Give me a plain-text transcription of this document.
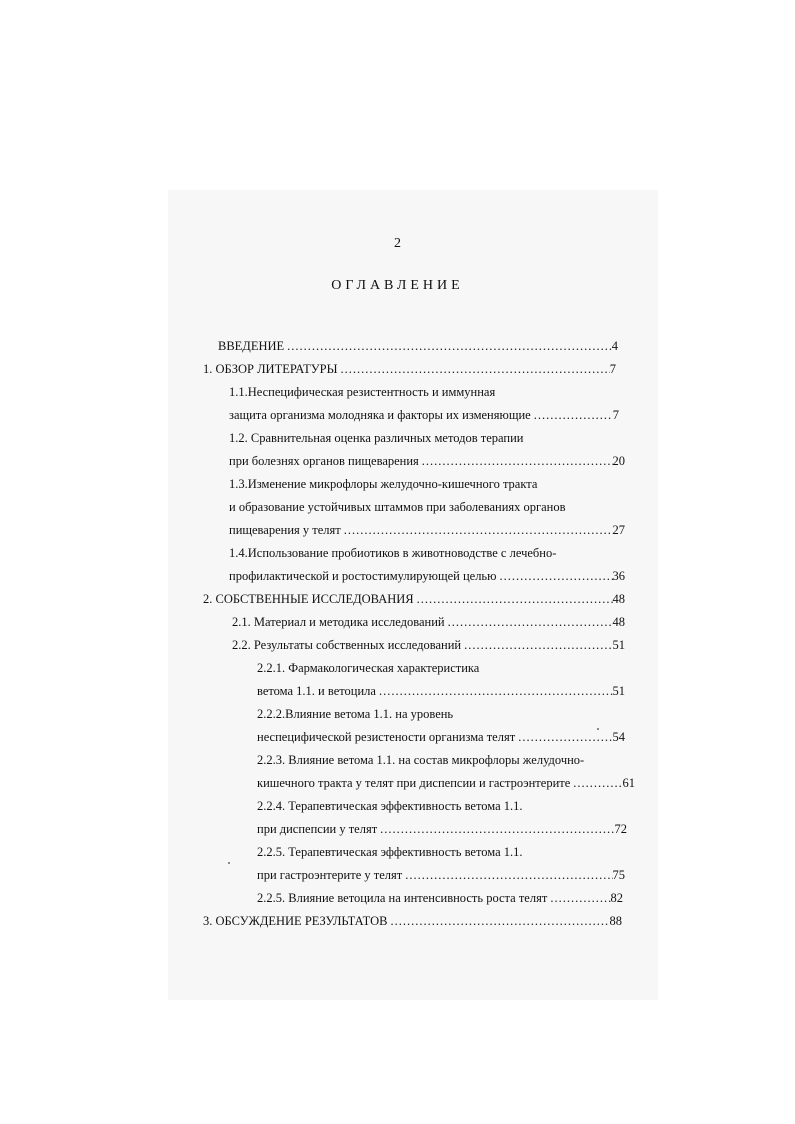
2
ОГЛАВЛЕНИЕ
ВВЕДЕНИЕ .....	4
1. ОБЗОР ЛИТЕРАТУРЫ .....	7
1.1.Неспецифическая резистентность и иммунная
защита организма молодняка и факторы их изменяющие .....	7
1.2. Сравнительная оценка различных методов терапии
при болезнях органов пищеварения .....	20
1.3.Изменение микрофлоры желудочно-кишечного тракта
и образование устойчивых штаммов при заболеваниях органов
пищеварения у телят .....	27
1.4.Использование пробиотиков в животноводстве с лечебно-
профилактической и ростостимулирующей целью .....	36
2. СОБСТВЕННЫЕ ИССЛЕДОВАНИЯ .....	48
2.1. Материал и методика исследований .....	48
2.2. Результаты собственных исследований .....	51
2.2.1. Фармакологическая характеристика
ветома 1.1. и ветоцила .....	51
2.2.2.Влияние ветома 1.1. на уровень
неспецифической резистености организма телят .....	54
2.2.3. Влияние ветома 1.1. на состав микрофлоры желудочно-
кишечного тракта у телят при диспепсии и гастроэнтерите .....	61
2.2.4. Терапевтическая эффективность ветома 1.1.
при диспепсии у телят .....	72
2.2.5. Терапевтическая эффективность ветома 1.1.
при гастроэнтерите у телят .....	75
2.2.5. Влияние ветоцила на интенсивность роста телят .....	82
3. ОБСУЖДЕНИЕ РЕЗУЛЬТАТОВ .....	88
